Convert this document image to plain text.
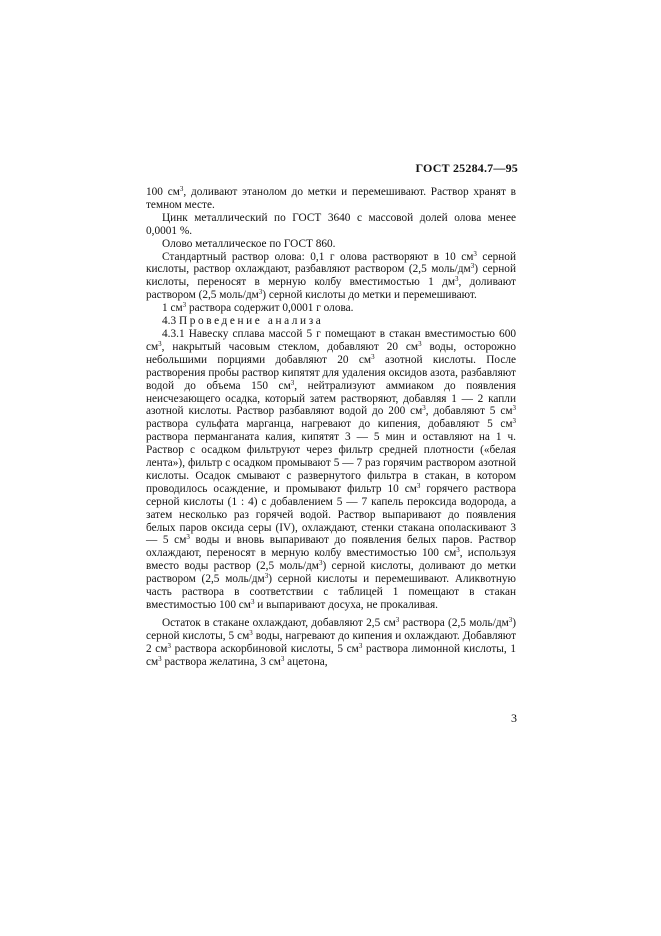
ГОСТ 25284.7—95

100 $см^3$, доливают этанолом до метки и перемешивают. Раствор хранят в темном месте.

Цинк металлический по ГОСТ 3640 с массовой долей олова менее 0,0001 %.

Олово металлическое по ГОСТ 860.

Стандартный раствор олова: 0,1 г олова растворяют в 10 $см^3$ серной кислоты, раствор охлаждают, разбавляют раствором (2,5 моль/$дм^3$) серной кислоты, переносят в мерную колбу вместимостью 1 $дм^3$, доливают раствором (2,5 моль/$дм^3$) серной кислоты до метки и перемешивают.

1 $см^3$ раствора содержит 0,0001 г олова.

4.3 Проведение анализа

4.3.1 Навеску сплава массой 5 г помещают в стакан вместимостью 600 $см^3$, накрытый часовым стеклом, добавляют 20 $см^3$ воды, осторожно небольшими порциями добавляют 20 $см^3$ азотной кислоты. После растворения пробы раствор кипятят для удаления оксидов азота, разбавляют водой до объема 150 $см^3$, нейтрализуют аммиаком до появления неисчезающего осадка, который затем растворяют, добавляя 1 — 2 капли азотной кислоты. Раствор разбавляют водой до 200 $см^3$, добавляют 5 $см^3$ раствора сульфата марганца, нагревают до кипения, добавляют 5 $см^3$ раствора перманганата калия, кипятят 3 — 5 мин и оставляют на 1 ч. Раствор с осадком фильтруют через фильтр средней плотности («белая лента»), фильтр с осадком промывают 5 — 7 раз горячим раствором азотной кислоты. Осадок смывают с развернутого фильтра в стакан, в котором проводилось осаждение, и промывают фильтр 10 $см^3$ горячего раствора серной кислоты (1 : 4) с добавлением 5 — 7 капель пероксида водорода, а затем несколько раз горячей водой. Раствор выпаривают до появления белых паров оксида серы (IV), охлаждают, стенки стакана ополаскивают 3 — 5 $см^3$ воды и вновь выпаривают до появления белых паров. Раствор охлаждают, переносят в мерную колбу вместимостью 100 $см^3$, используя вместо воды раствор (2,5 моль/$дм^3$) серной кислоты, доливают до метки раствором (2,5 моль/$дм^3$) серной кислоты и перемешивают. Аликвотную часть раствора в соответствии с таблицей 1 помещают в стакан вместимостью 100 $см^3$ и выпаривают досуха, не прокаливая.

Остаток в стакане охлаждают, добавляют 2,5 $см^3$ раствора (2,5 моль/$дм^3$) серной кислоты, 5 $см^3$ воды, нагревают до кипения и охлаждают. Добавляют 2 $см^3$ раствора аскорбиновой кислоты, 5 $см^3$ раствора лимонной кислоты, 1 $см^3$ раствора желатина, 3 $см^3$ ацетона,

3
